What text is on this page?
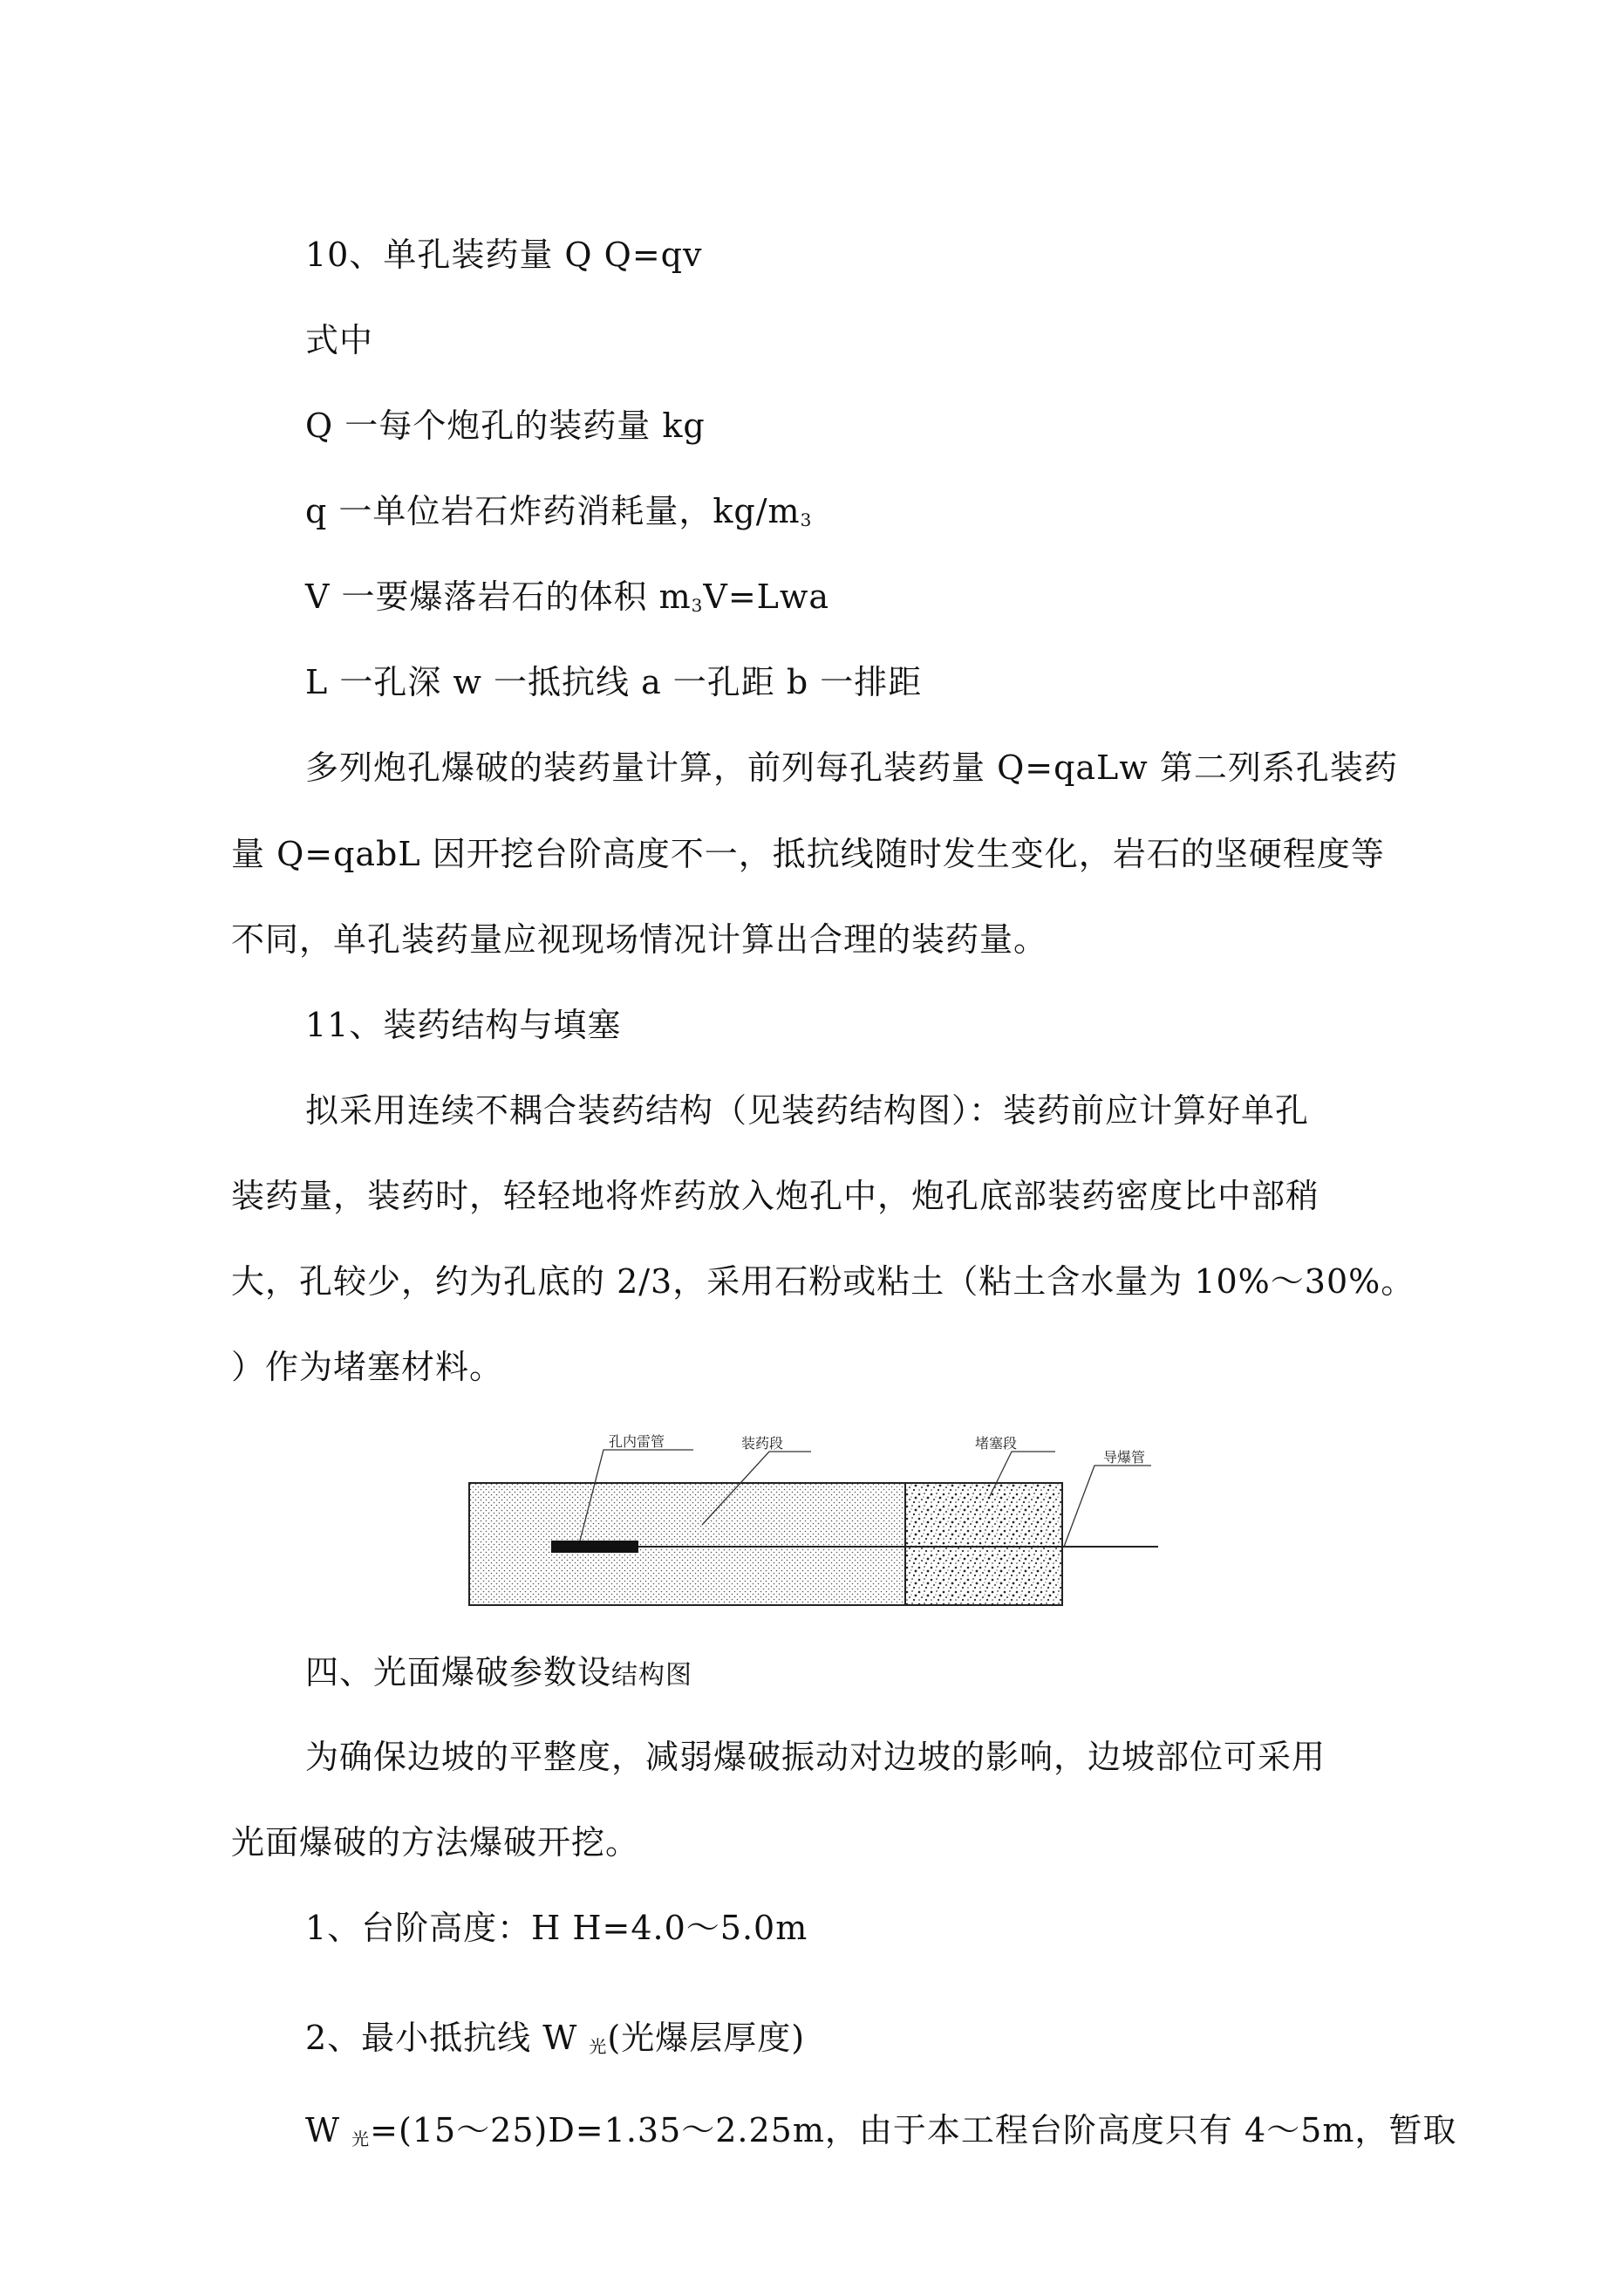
10、单孔装药量 Q Q=qv
式中
Q 一每个炮孔的装药量 kg
q 一单位岩石炸药消耗量，$kg/m_3$
V 一要爆落岩石的体积 $m_3V=Lwa$
L 一孔深 w 一抵抗线 a 一孔距 b 一排距
多列炮孔爆破的装药量计算，前列每孔装药量 Q=qaLw 第二列系孔装药
量 Q=qabL 因开挖台阶高度不一，抵抗线随时发生变化，岩石的坚硬程度等
不同，单孔装药量应视现场情况计算出合理的装药量。
11、装药结构与填塞
拟采用连续不耦合装药结构（见装药结构图）：装药前应计算好单孔
装药量，装药时，轻轻地将炸药放入炮孔中，炮孔底部装药密度比中部稍
大，孔较少，约为孔底的 2/3，采用石粉或粘土（粘土含水量为 10%〜30%。
）作为堵塞材料。
孔内雷管	装药段	堵塞段
导爆管
四、光面爆破参数设结构图
为确保边坡的平整度，减弱爆破振动对边坡的影响，边坡部位可采用
光面爆破的方法爆破开挖。
1、台阶高度：H H=4.0〜5.0m
2、最小抵抗线 W $_光$(光爆层厚度)
W $_光$=(15〜25)D=1.35〜2.25m，由于本工程台阶高度只有 4〜5m，暂取
